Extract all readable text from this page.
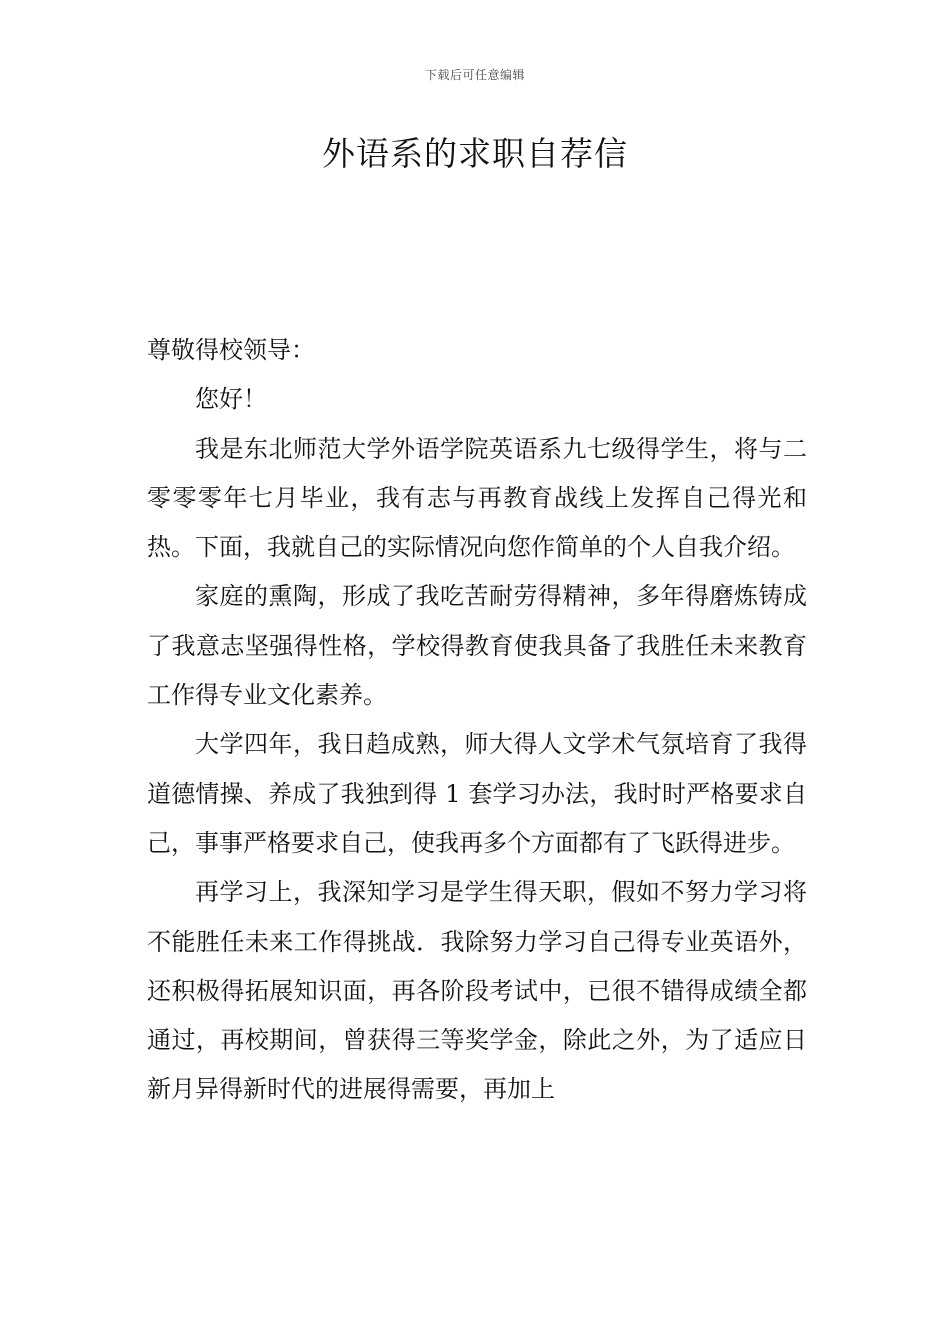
下载后可任意编辑
外语系的求职自荐信

尊敬得校领导：

您好！

我是东北师范大学外语学院英语系九七级得学生，将与二零零零年七月毕业，我有志与再教育战线上发挥自己得光和热。下面，我就自己的实际情况向您作简单的个人自我介绍。

家庭的熏陶，形成了我吃苦耐劳得精神，多年得磨炼铸成了我意志坚强得性格，学校得教育使我具备了我胜任未来教育工作得专业文化素养。

大学四年，我日趋成熟，师大得人文学术气氛培育了我得道德情操、养成了我独到得 1 套学习办法，我时时严格要求自己，事事严格要求自己，使我再多个方面都有了飞跃得进步。

再学习上，我深知学习是学生得天职，假如不努力学习将不能胜任未来工作得挑战．我除努力学习自己得专业英语外，还积极得拓展知识面，再各阶段考试中，已很不错得成绩全都通过，再校期间，曾获得三等奖学金，除此之外，为了适应日新月异得新时代的进展得需要，再加上
